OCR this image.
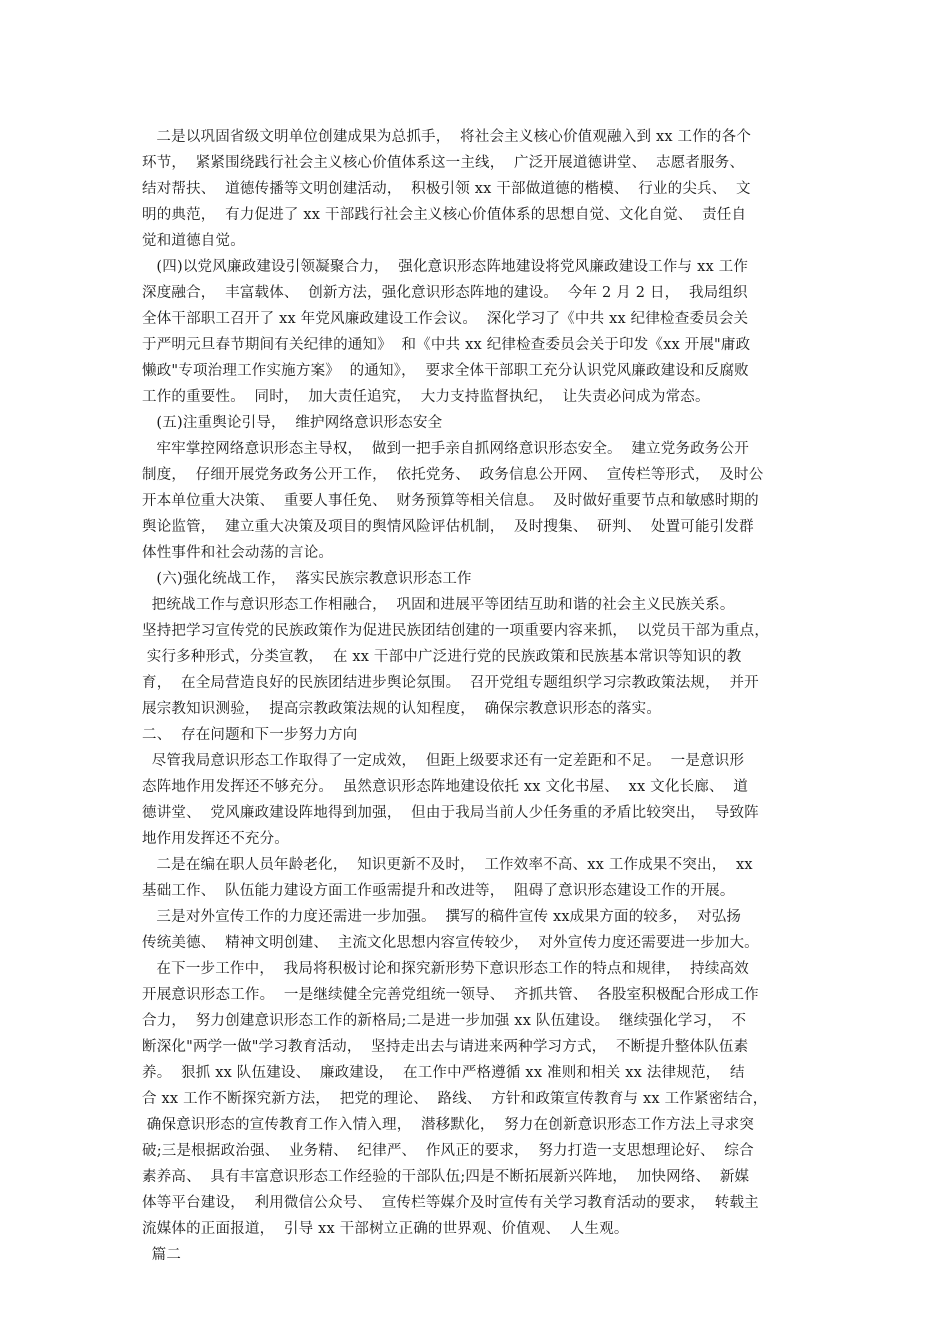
二是以巩固省级文明单位创建成果为总抓手，  将社会主义核心价值观融入到 xx 工作的各个
环节，  紧紧围绕践行社会主义核心价值体系这一主线，  广泛开展道德讲堂、  志愿者服务、
结对帮扶、  道德传播等文明创建活动，  积极引领 xx 干部做道德的楷模、  行业的尖兵、  文
明的典范，  有力促进了 xx 干部践行社会主义核心价值体系的思想自觉、文化自觉、  责任自
觉和道德自觉。
(四)以党风廉政建设引领凝聚合力，  强化意识形态阵地建设将党风廉政建设工作与 xx 工作
深度融合，  丰富载体、  创新方法，强化意识形态阵地的建设。  今年 2 月 2 日，  我局组织
全体干部职工召开了 xx 年党风廉政建设工作会议。  深化学习了《中共 xx 纪律检查委员会关
于严明元旦春节期间有关纪律的通知》  和《中共 xx 纪律检查委员会关于印发《xx 开展"庸政
懒政"专项治理工作实施方案》  的通知》，  要求全体干部职工充分认识党风廉政建设和反腐败
工作的重要性。  同时，  加大责任追究，  大力支持监督执纪，  让失责必问成为常态。
(五)注重舆论引导，  维护网络意识形态安全
牢牢掌控网络意识形态主导权，  做到一把手亲自抓网络意识形态安全。  建立党务政务公开
制度，  仔细开展党务政务公开工作，  依托党务、  政务信息公开网、  宣传栏等形式，  及时公
开本单位重大决策、  重要人事任免、  财务预算等相关信息。  及时做好重要节点和敏感时期的
舆论监管，  建立重大决策及项目的舆情风险评估机制，  及时搜集、  研判、  处置可能引发群
体性事件和社会动荡的言论。
(六)强化统战工作，  落实民族宗教意识形态工作
把统战工作与意识形态工作相融合，  巩固和进展平等团结互助和谐的社会主义民族关系。
坚持把学习宣传党的民族政策作为促进民族团结创建的一项重要内容来抓，  以党员干部为重点，
实行多种形式，分类宣教，  在 xx 干部中广泛进行党的民族政策和民族基本常识等知识的教
育，  在全局营造良好的民族团结进步舆论氛围。  召开党组专题组织学习宗教政策法规，  并开
展宗教知识测验，  提高宗教政策法规的认知程度，  确保宗教意识形态的落实。
二、  存在问题和下一步努力方向
尽管我局意识形态工作取得了一定成效，  但距上级要求还有一定差距和不足。  一是意识形
态阵地作用发挥还不够充分。  虽然意识形态阵地建设依托 xx 文化书屋、  xx 文化长廊、  道
德讲堂、  党风廉政建设阵地得到加强，  但由于我局当前人少任务重的矛盾比较突出，  导致阵
地作用发挥还不充分。
二是在编在职人员年龄老化，  知识更新不及时，  工作效率不高、xx 工作成果不突出，  xx
基础工作、  队伍能力建设方面工作亟需提升和改进等，  阻碍了意识形态建设工作的开展。
三是对外宣传工作的力度还需进一步加强。  撰写的稿件宣传 xx成果方面的较多，  对弘扬
传统美德、  精神文明创建、  主流文化思想内容宣传较少，  对外宣传力度还需要进一步加大。
在下一步工作中，  我局将积极讨论和探究新形势下意识形态工作的特点和规律，  持续高效
开展意识形态工作。  一是继续健全完善党组统一领导、  齐抓共管、  各股室积极配合形成工作
合力，  努力创建意识形态工作的新格局;二是进一步加强 xx 队伍建设。  继续强化学习，  不
断深化"两学一做"学习教育活动，  坚持走出去与请进来两种学习方式，  不断提升整体队伍素
养。  狠抓 xx 队伍建设、  廉政建设，  在工作中严格遵循 xx 准则和相关 xx 法律规范，  结
合 xx 工作不断探究新方法，  把党的理论、  路线、  方针和政策宣传教育与 xx 工作紧密结合，
确保意识形态的宣传教育工作入情入理，  潜移默化，  努力在创新意识形态工作方法上寻求突
破;三是根据政治强、  业务精、  纪律严、  作风正的要求，  努力打造一支思想理论好、  综合
素养高、  具有丰富意识形态工作经验的干部队伍;四是不断拓展新兴阵地，  加快网络、  新媒
体等平台建设，  利用微信公众号、  宣传栏等媒介及时宣传有关学习教育活动的要求，  转载主
流媒体的正面报道，  引导 xx 干部树立正确的世界观、价值观、  人生观。
篇二
